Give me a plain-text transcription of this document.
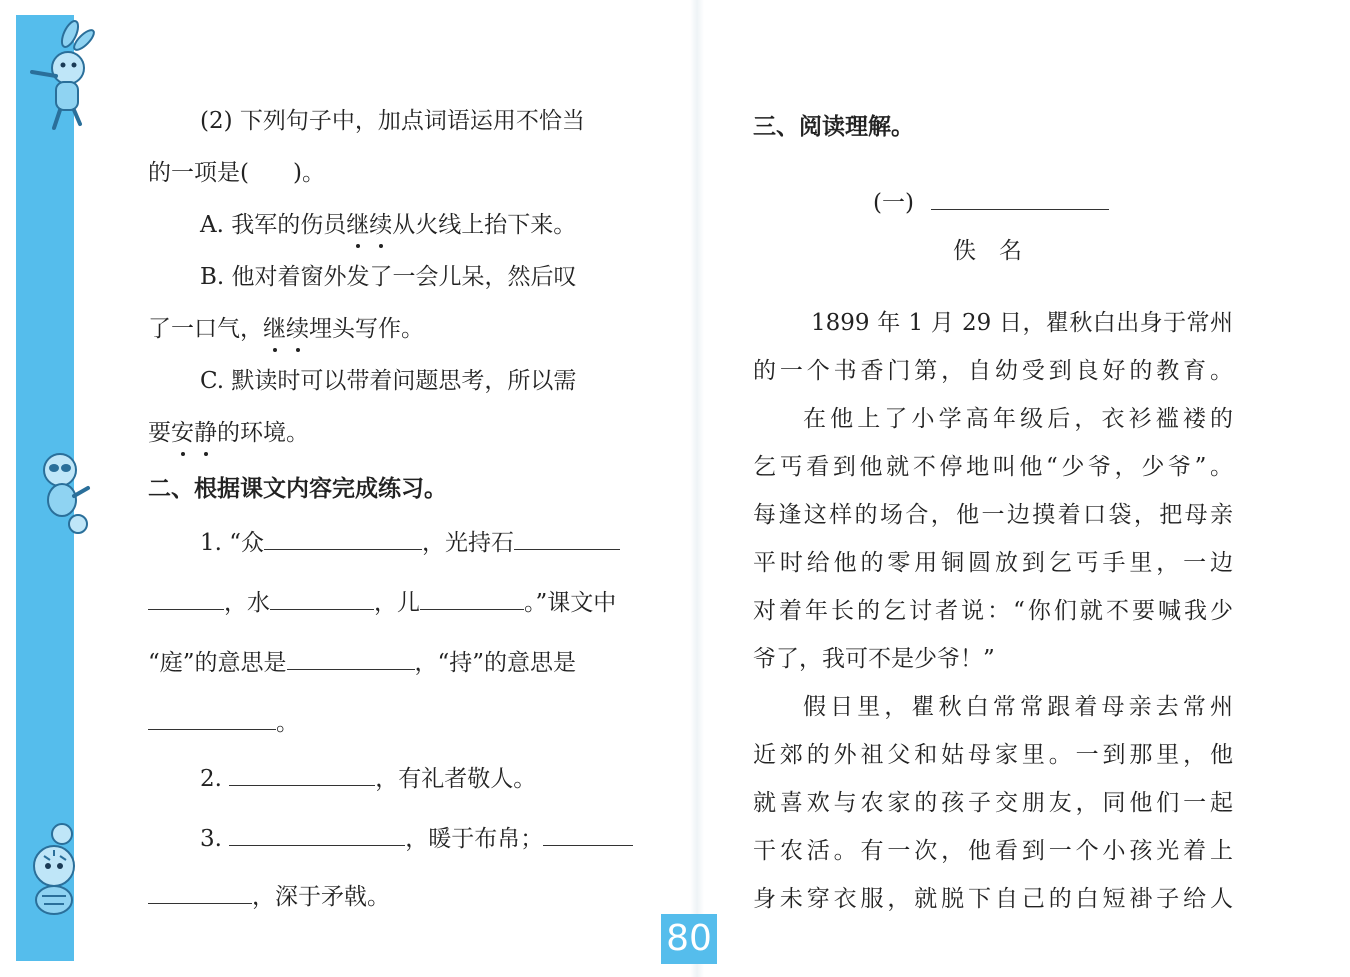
(2) 下列句子中，加点词语运用不恰当
的一项是( )。
A. 我军的伤员继续从火线上抬下来。
B. 他对着窗外发了一会儿呆，然后叹
了一口气，继续埋头写作。
C. 默读时可以带着问题思考，所以需
要安静的环境。
二、根据课文内容完成练习。
1. “众	，光持石
，水	，儿	。”课文中
“庭”的意思是	，“持”的意思是
。
2.	，有礼者敬人。
3.	，暖于布帛；
，深于矛戟。
三、阅读理解。
(一)
佚　名
1899 年 1 月 29 日，瞿秋白出身于常州
的一个书香门第，自幼受到良好的教育。
在他上了小学高年级后，衣衫褴褛的
乞丐看到他就不停地叫他“少爷，少爷”。
每逢这样的场合，他一边摸着口袋，把母亲
平时给他的零用铜圆放到乞丐手里，一边
对着年长的乞讨者说：“你们就不要喊我少
爷了，我可不是少爷！”
假日里，瞿秋白常常跟着母亲去常州
近郊的外祖父和姑母家里。一到那里，他
就喜欢与农家的孩子交朋友，同他们一起
干农活。有一次，他看到一个小孩光着上
身未穿衣服，就脱下自己的白短褂子给人
80
